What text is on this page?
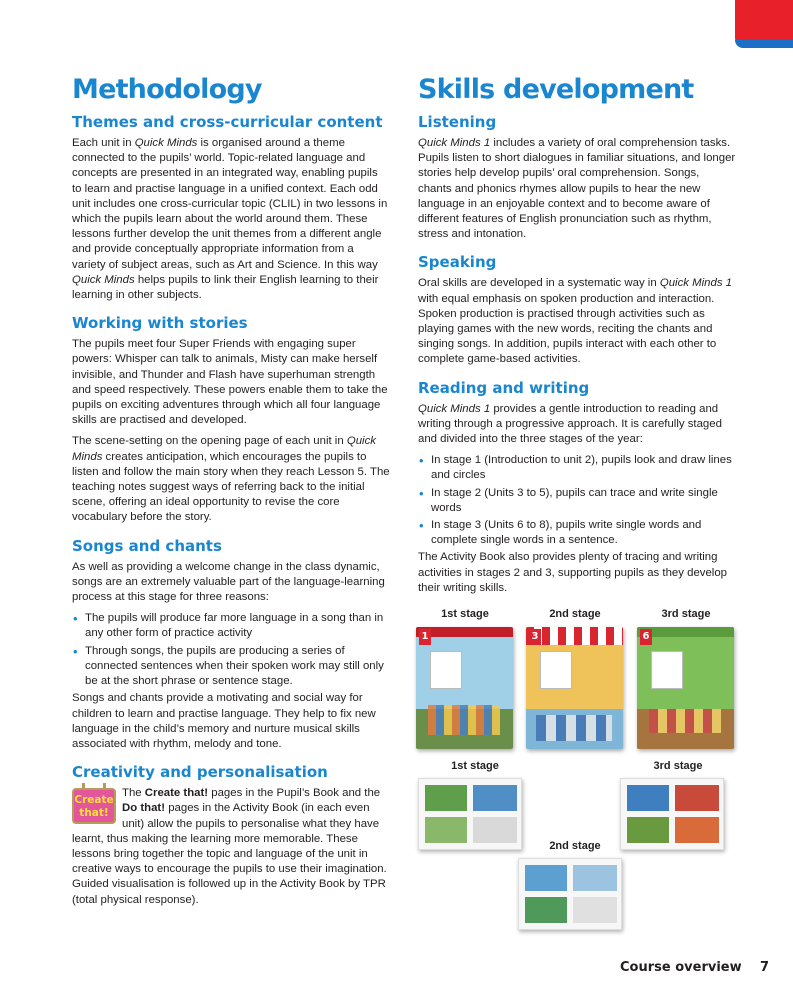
Methodology
Themes and cross-curricular content

Each unit in Quick Minds is organised around a theme connected to the pupils’ world. Topic-related language and concepts are presented in an integrated way, enabling pupils to learn and practise language in a unified context. Each odd unit includes one cross-curricular topic (CLIL) in two lessons in which the pupils learn about the world around them. These lessons further develop the unit themes from a different angle and provide conceptually appropriate information from a variety of subject areas, such as Art and Science. In this way Quick Minds helps pupils to link their English learning to their learning in other subjects.

Working with stories

The pupils meet four Super Friends with engaging super powers: Whisper can talk to animals, Misty can make herself invisible, and Thunder and Flash have superhuman strength and speed respectively. These powers enable them to take the pupils on exciting adventures through which all four language skills are practised and developed.

The scene-setting on the opening page of each unit in Quick Minds creates anticipation, which encourages the pupils to listen and follow the main story when they reach Lesson 5. The teaching notes suggest ways of referring back to the initial scene, offering an ideal opportunity to revise the core vocabulary before the story.

Songs and chants

As well as providing a welcome change in the class dynamic, songs are an extremely valuable part of the language-learning process at this stage for three reasons:

• The pupils will produce far more language in a song than in any other form of practice activity
• Through songs, the pupils are producing a series of connected sentences when their spoken work may still only be at the short phrase or sentence stage.

Songs and chants provide a motivating and social way for children to learn and practise language. They help to fix new language in the child’s memory and nurture musical skills associated with rhythm, melody and tone.

Creativity and personalisation
Create
that!

The Create that! pages in the Pupil’s Book and the Do that! pages in the Activity Book (in each even unit) allow the pupils to personalise what they have learnt, thus making the learning more memorable. These lessons bring together the topic and language of the unit in creative ways to encourage the pupils to use their imagination. Guided visualisation is followed up in the Activity Book by TPR (total physical response).

Skills development
Listening

Quick Minds 1 includes a variety of oral comprehension tasks. Pupils listen to short dialogues in familiar situations, and longer stories help develop pupils’ oral comprehension. Songs, chants and phonics rhymes allow pupils to hear the new language in an enjoyable context and to become aware of different features of English pronunciation such as rhythm, stress and intonation.

Speaking

Oral skills are developed in a systematic way in Quick Minds 1 with equal emphasis on spoken production and interaction. Spoken production is practised through activities such as playing games with the new words, reciting the chants and singing songs. In addition, pupils interact with each other to complete game-based activities.

Reading and writing

Quick Minds 1 provides a gentle introduction to reading and writing through a progressive approach. It is carefully staged and divided into the three stages of the year:

• In stage 1 (Introduction to unit 2), pupils look and draw lines and circles
• In stage 2 (Units 3 to 5), pupils can trace and write single words
• In stage 3 (Units 6 to 8), pupils write single words and complete single words in a sentence.

The Activity Book also provides plenty of tracing and writing activities in stages 2 and 3, supporting pupils as they develop their writing skills.

1st stage	2nd stage	3rd stage
1	3	6
1st stage	3rd stage
2nd stage
Course overview 7
